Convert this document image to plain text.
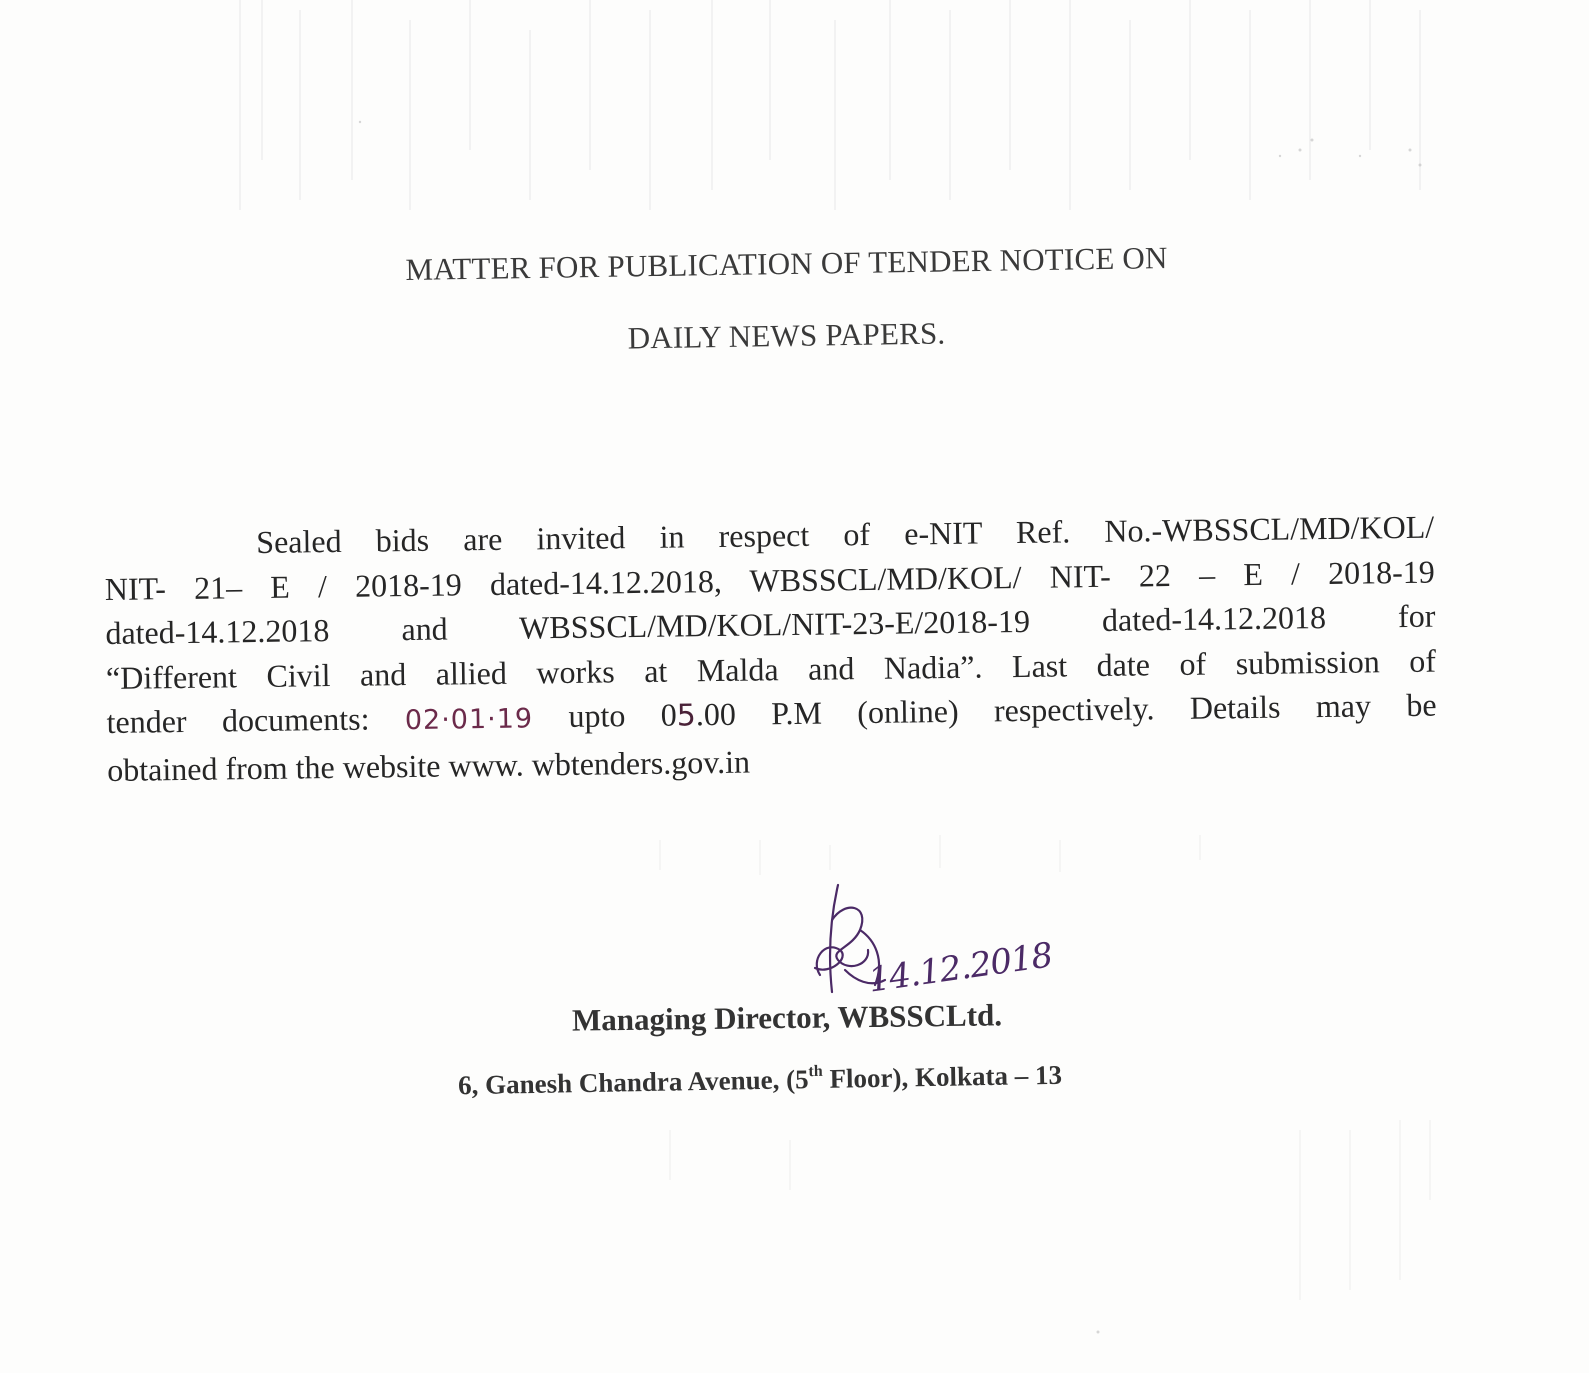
MATTER FOR PUBLICATION OF TENDER NOTICE ON
DAILY NEWS PAPERS.
Sealed bids are invited in respect of e-NIT Ref. No.-WBSSCL/MD/KOL/
NIT- 21– E / 2018-19 dated-14.12.2018, WBSSCL/MD/KOL/ NIT- 22 – E / 2018-19
dated-14.12.2018 and WBSSCL/MD/KOL/NIT-23-E/2018-19 dated-14.12.2018 for
“Different Civil and allied works at Malda and Nadia”. Last date of submission of
tender documents: 02·01·19 upto 05.00 P.M (online) respectively. Details may be
obtained from the website www. wbtenders.gov.in
14.12.2018

Managing Director, WBSSCLtd.

6, Ganesh Chandra Avenue, (5th Floor), Kolkata – 13
